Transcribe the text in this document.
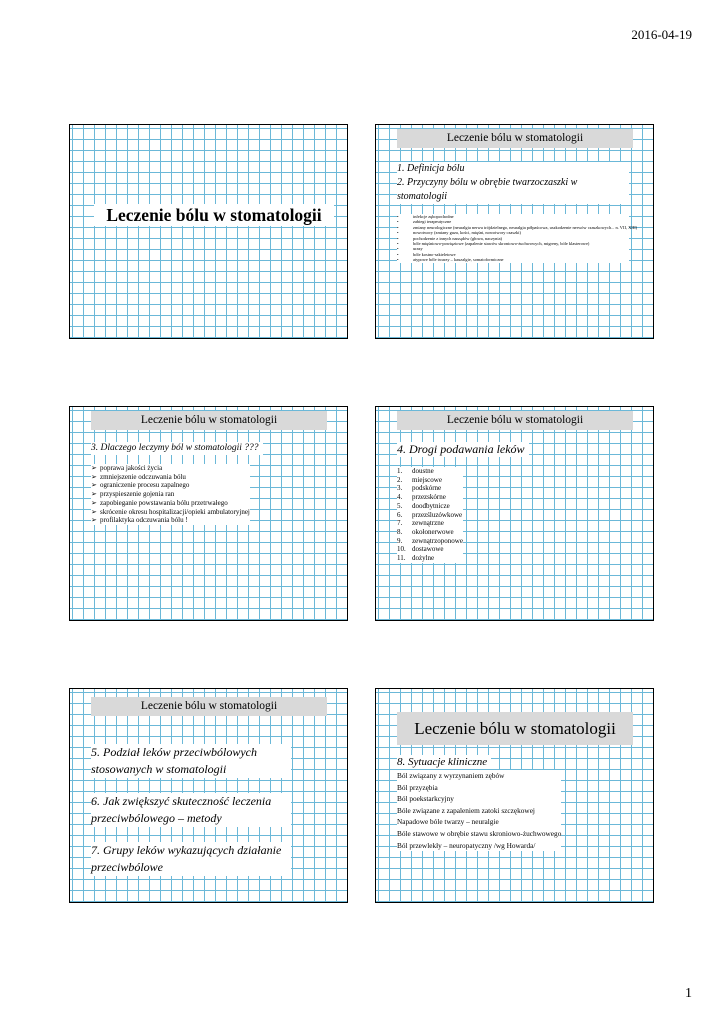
2016-04-19
Leczenie bólu w stomatologii
Leczenie bólu w stomatologii
1. Definicja bólu
2. Przyczyny bólu w obrębie twarzoczaszki w stomatologii
•	infekcje zębopochodne
•	zabiegi terapeutyczne
•	zmiany neurologiczne (neuralgia nerwu trójdzielnego, neuralgia półpaścowa, uszkodzenie nerwów czaszkowych... n. VII, XIII)
•	nowotwory (zmiany guza, kości, mięśni, nowotwory czaszki)
•	pochodzenie z innych narządów (głowa, naczynia)
•	bóle mięśniowo-powięziowe (zapalenie stawów skroniowo-żuchwowych, migreny, bóle klasterowe)
•	urazy
•	bóle kostno-szkieletowe
•	atypowe bóle twarzy – kauzalgie, somatoformiczne
Leczenie bólu w stomatologii
3. Dlaczego leczymy ból w stomatologii ???
➢ poprawa jakości życia
➢ zmniejszenie odczuwania bólu
➢ ograniczenie procesu zapalnego
➢ przyspieszenie gojenia ran
➢ zapobieganie powstawania bólu przetrwałego
➢ skrócenie okresu hospitalizacji/opieki ambulatoryjnej
➢ profilaktyka odczuwania bólu !
Leczenie bólu w stomatologii
4. Drogi podawania leków
1. doustne
2. miejscowe
3. podskórne
4. przezskórne
5. doodbytnicze
6. przezśluzówkowe
7. zewnątrzne
8. okołonerwowe
9. zewnątrzoponowe
10. dostawowe
11. dożylne
Leczenie bólu w stomatologii
5. Podział leków przeciwbólowych stosowanych w stomatologii
6. Jak zwiększyć skuteczność leczenia przeciwbólowego – metody
7. Grupy leków wykazujących działanie przeciwbólowe
Leczenie bólu w stomatologii
8. Sytuacje kliniczne
Ból związany z wyrzynaniem zębów
Ból przyzębia
Ból poekstarkcyjny
Bóle związane z zapaleniem zatoki szczękowej
Napadowe bóle twarzy – neuralgie
Bóle stawowe w obrębie stawu skroniowo-żuchwowego
Ból przewlekły – neuropatyczny /wg Howarda/
1
